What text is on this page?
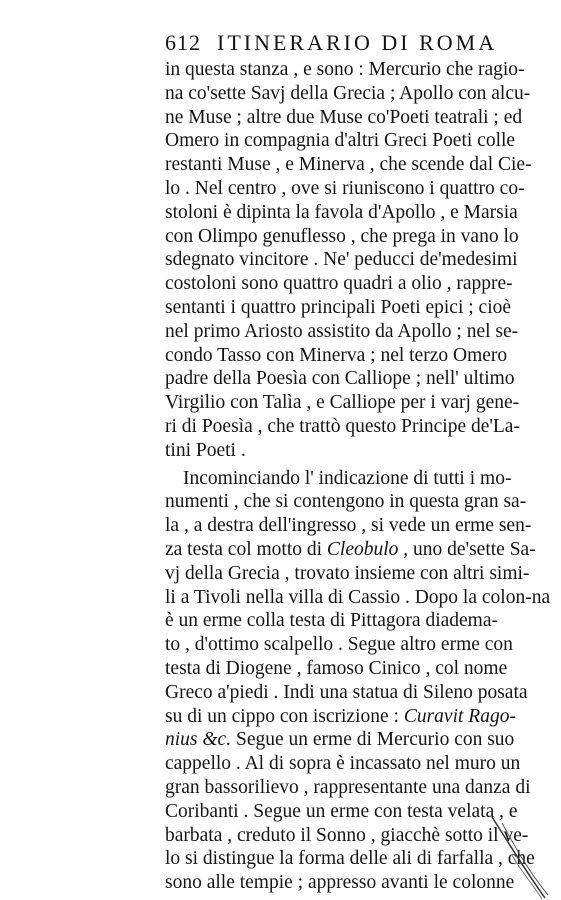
612 ITINERARIO DI ROMA
in questa stanza , e sono : Mercurio che ragio-
na co'sette Savj della Grecia ; Apollo con alcu-
ne Muse ; altre due Muse co'Poeti teatrali ; ed
Omero in compagnia d'altri Greci Poeti colle
restanti Muse , e Minerva , che scende dal Cie-
lo . Nel centro , ove si riuniscono i quattro co-
stoloni è dipinta la favola d'Apollo , e Marsia
con Olimpo genuflesso , che prega in vano lo
sdegnato vincitore . Ne' peducci de'medesimi
costoloni sono quattro quadri a olio , rappre-
sentanti i quattro principali Poeti epici ; cioè
nel primo Ariosto assistito da Apollo ; nel se-
condo Tasso con Minerva ; nel terzo Omero
padre della Poesìa con Calliope ; nell' ultimo
Virgilio con Talìa , e Calliope per i varj gene-
ri di Poesìa , che trattò questo Principe de'La-
tini Poeti .
Incominciando l' indicazione di tutti i mo-
numenti , che si contengono in questa gran sa-
la , a destra dell'ingresso , si vede un erme sen-
za testa col motto di Cleobulo , uno de'sette Sa-
vj della Grecia , trovato insieme con altri simi-
li a Tivoli nella villa di Cassio . Dopo la colon-na
è un erme colla testa di Pittagora diadema-
to , d'ottimo scalpello . Segue altro erme con
testa di Diogene , famoso Cinico , col nome
Greco a'piedi . Indi una statua di Sileno posata
su di un cippo con iscrizione : Curavit Rago-
nius &c. Segue un erme di Mercurio con suo
cappello . Al di sopra è incassato nel muro un
gran bassorilievo , rappresentante una danza di
Coribanti . Segue un erme con testa velata , e
barbata , creduto il Sonno , giacchè sotto il ve-
lo si distingue la forma delle ali di farfalla , che
sono alle tempie ; appresso avanti le colonne
